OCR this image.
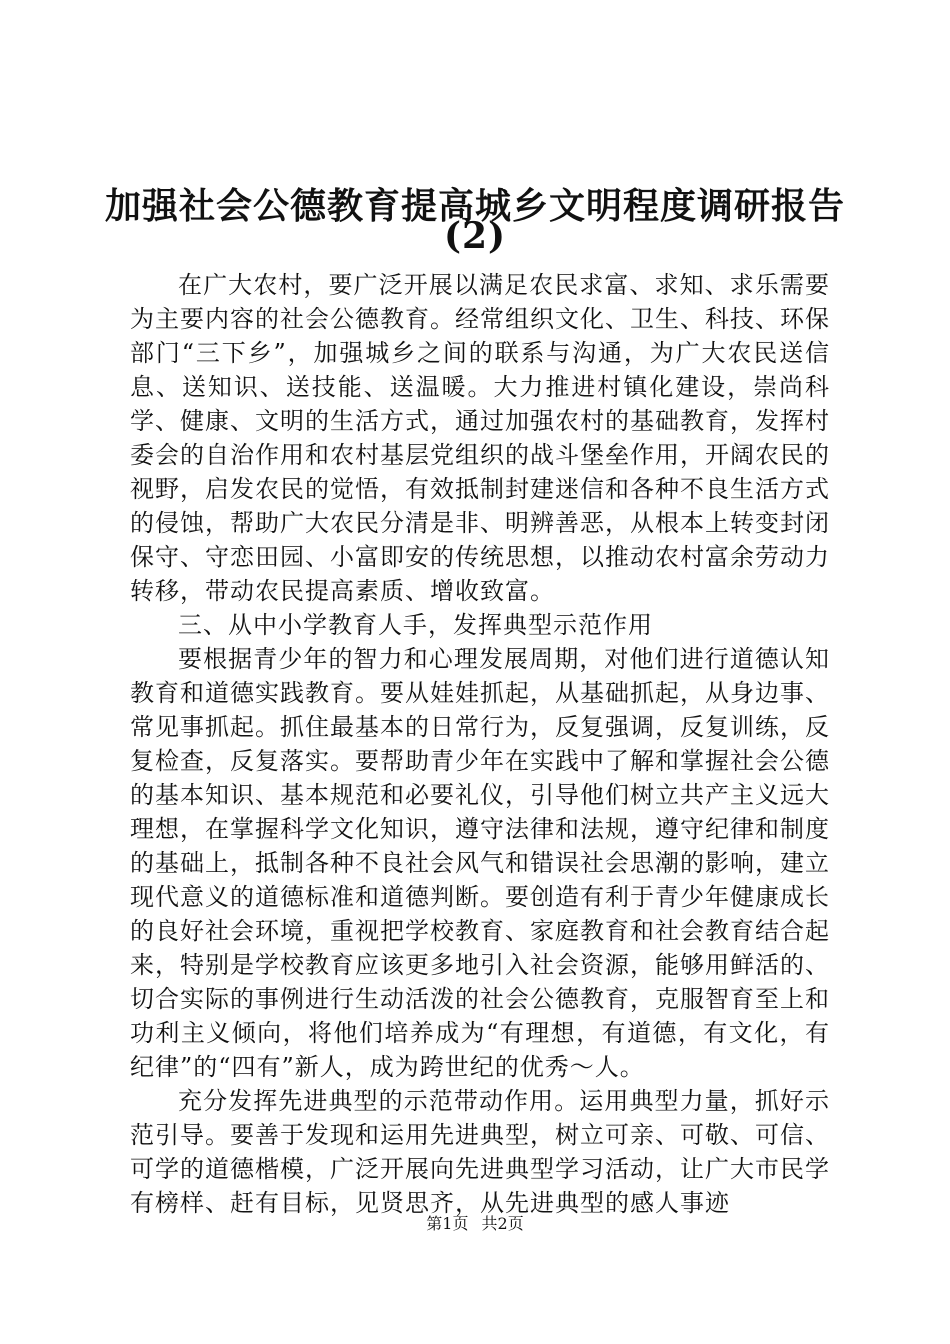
加强社会公德教育提高城乡文明程度调研报告
(2)

在广大农村，要广泛开展以满足农民求富、求知、求乐需要为主要内容的社会公德教育。经常组织文化、卫生、科技、环保部门“三下乡”，加强城乡之间的联系与沟通，为广大农民送信息、送知识、送技能、送温暖。大力推进村镇化建设，崇尚科学、健康、文明的生活方式，通过加强农村的基础教育，发挥村委会的自治作用和农村基层党组织的战斗堡垒作用，开阔农民的视野，启发农民的觉悟，有效抵制封建迷信和各种不良生活方式的侵蚀，帮助广大农民分清是非、明辨善恶，从根本上转变封闭保守、守恋田园、小富即安的传统思想，以推动农村富余劳动力转移，带动农民提高素质、增收致富。

三、从中小学教育人手，发挥典型示范作用

要根据青少年的智力和心理发展周期，对他们进行道德认知教育和道德实践教育。要从娃娃抓起，从基础抓起，从身边事、常见事抓起。抓住最基本的日常行为，反复强调，反复训练，反复检查，反复落实。要帮助青少年在实践中了解和掌握社会公德的基本知识、基本规范和必要礼仪，引导他们树立共产主义远大理想，在掌握科学文化知识，遵守法律和法规，遵守纪律和制度的基础上，抵制各种不良社会风气和错误社会思潮的影响，建立现代意义的道德标准和道德判断。要创造有利于青少年健康成长的良好社会环境，重视把学校教育、家庭教育和社会教育结合起来，特别是学校教育应该更多地引入社会资源，能够用鲜活的、切合实际的事例进行生动活泼的社会公德教育，克服智育至上和功利主义倾向，将他们培养成为“有理想，有道德，有文化，有纪律”的“四有”新人，成为跨世纪的优秀～人。

充分发挥先进典型的示范带动作用。运用典型力量，抓好示范引导。要善于发现和运用先进典型，树立可亲、可敬、可信、可学的道德楷模，广泛开展向先进典型学习活动，让广大市民学有榜样、赶有目标，见贤思齐，从先进典型的感人事迹

第1页 共2页
